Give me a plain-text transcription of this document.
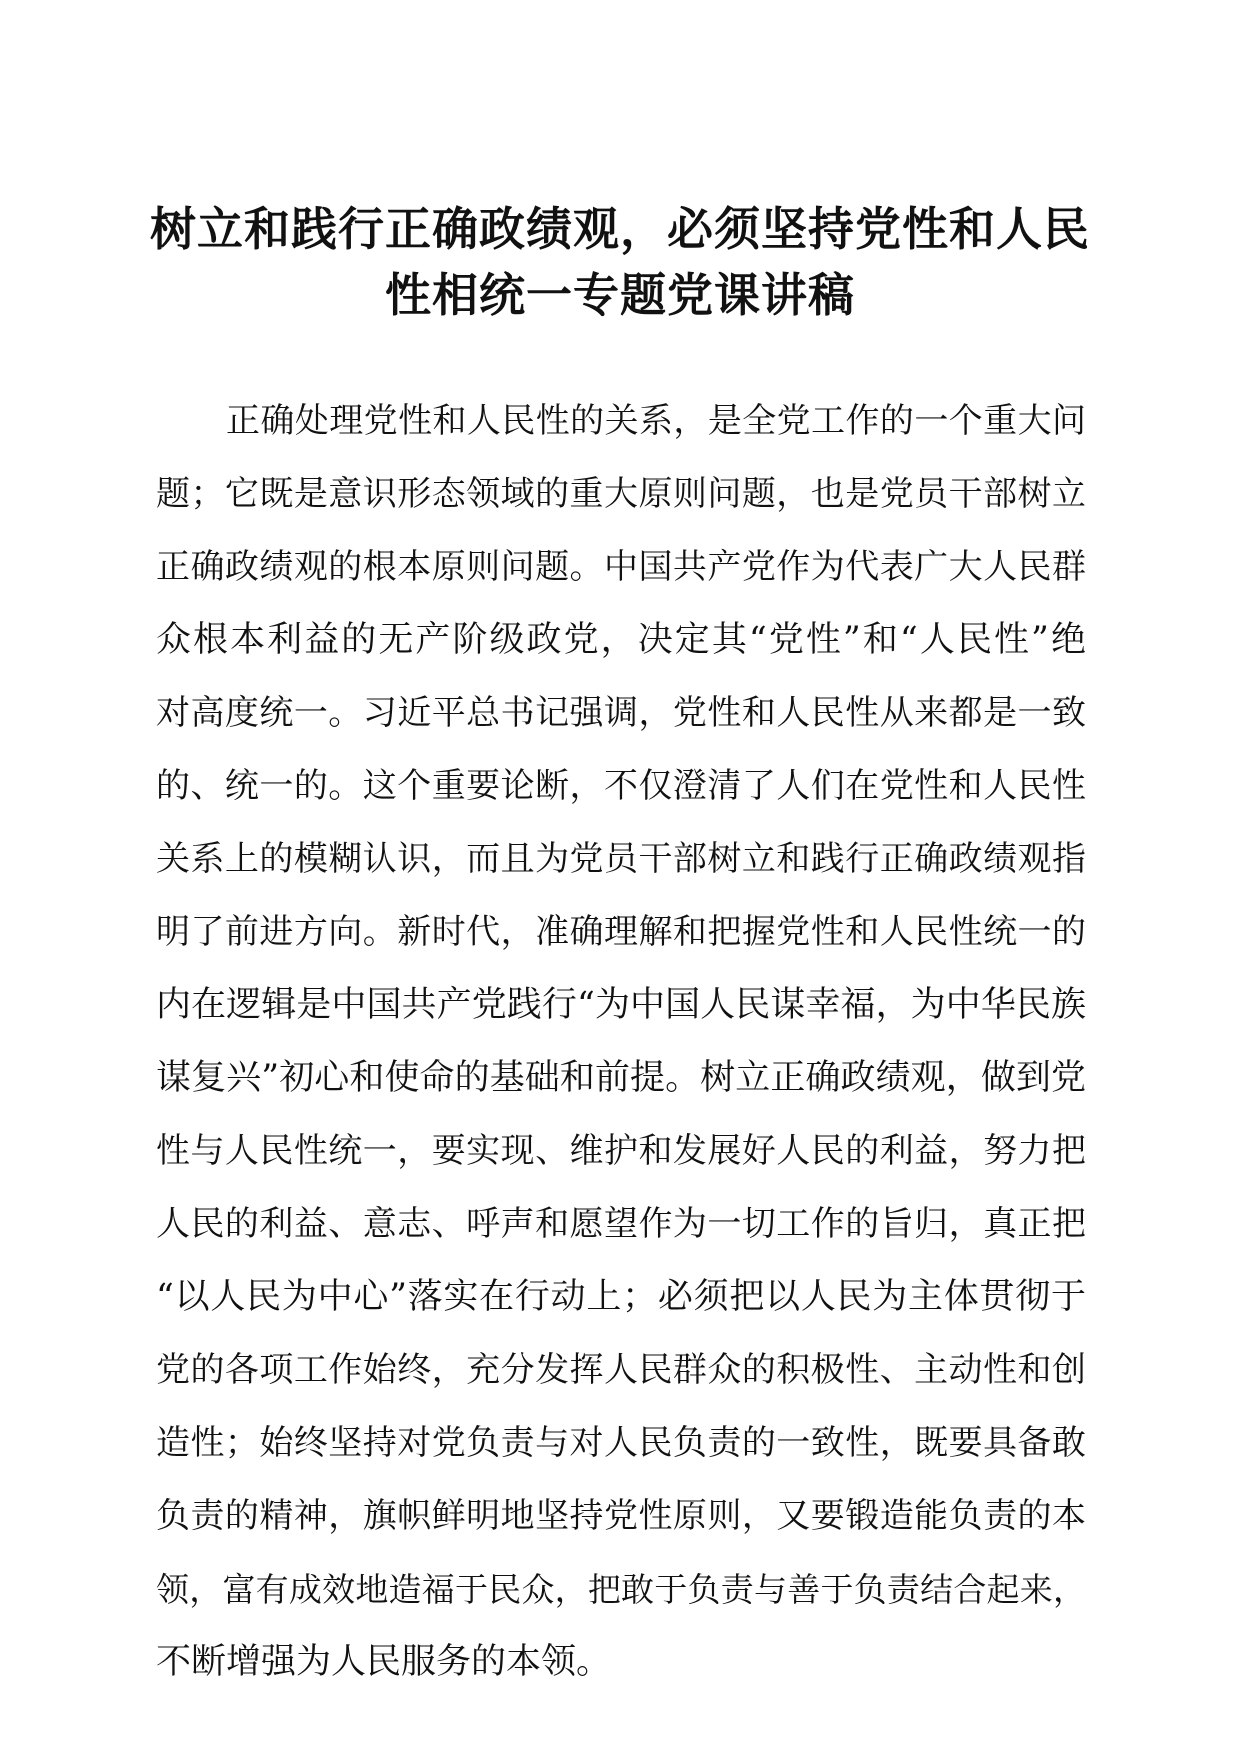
树立和践行正确政绩观，必须坚持党性和人民
性相统一专题党课讲稿
正确处理党性和人民性的关系，是全党工作的一个重大问
题；它既是意识形态领域的重大原则问题，也是党员干部树立
正确政绩观的根本原则问题。中国共产党作为代表广大人民群
众根本利益的无产阶级政党，决定其“党性”和“人民性”绝
对高度统一。习近平总书记强调，党性和人民性从来都是一致
的、统一的。这个重要论断，不仅澄清了人们在党性和人民性
关系上的模糊认识，而且为党员干部树立和践行正确政绩观指
明了前进方向。新时代，准确理解和把握党性和人民性统一的
内在逻辑是中国共产党践行“为中国人民谋幸福，为中华民族
谋复兴”初心和使命的基础和前提。树立正确政绩观，做到党
性与人民性统一，要实现、维护和发展好人民的利益，努力把
人民的利益、意志、呼声和愿望作为一切工作的旨归，真正把
“以人民为中心”落实在行动上；必须把以人民为主体贯彻于
党的各项工作始终，充分发挥人民群众的积极性、主动性和创
造性；始终坚持对党负责与对人民负责的一致性，既要具备敢
负责的精神，旗帜鲜明地坚持党性原则，又要锻造能负责的本
领，富有成效地造福于民众，把敢于负责与善于负责结合起来，
不断增强为人民服务的本领。
